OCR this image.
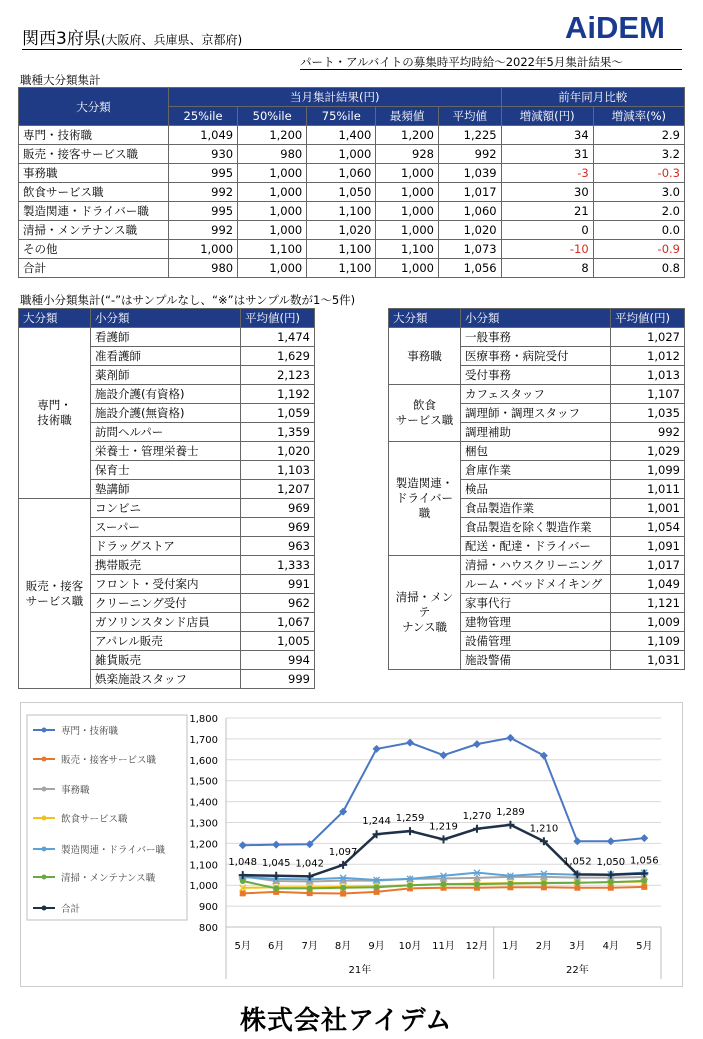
関西3府県(大阪府、兵庫県、京都府)	AiDEM
パート・アルバイトの募集時平均時給～2022年5月集計結果～
職種大分類集計
大分類	当月集計結果(円)					前年同月比較	
	25%ile	50%ile	75%ile	最頻値	平均値	増減額(円)	増減率(%)
専門・技術職	1,049	1,200	1,400	1,200	1,225	34	2.9
販売・接客サービス職	930	980	1,000	928	992	31	3.2
事務職	995	1,000	1,060	1,000	1,039	-3	-0.3
飲食サービス職	992	1,000	1,050	1,000	1,017	30	3.0
製造関連・ドライバー職	995	1,000	1,100	1,000	1,060	21	2.0
清掃・メンテナンス職	992	1,000	1,020	1,000	1,020	0	0.0
その他	1,000	1,100	1,100	1,100	1,073	-10	-0.9
合計	980	1,000	1,100	1,000	1,056	8	0.8
職種小分類集計(“-”はサンプルなし、“※”はサンプル数が1～5件)
大分類	小分類	平均値(円)
専門・
技術職	看護師	1,474
	准看護師	1,629
	薬剤師	2,123
	施設介護(有資格)	1,192
	施設介護(無資格)	1,059
	訪問ヘルパー	1,359
	栄養士・管理栄養士	1,020
	保育士	1,103
	塾講師	1,207
販売・接客
サービス職	コンビニ	969
	スーパー	969
	ドラッグストア	963
	携帯販売	1,333
	フロント・受付案内	991
	クリーニング受付	962
	ガソリンスタンド店員	1,067
	アパレル販売	1,005
	雑貨販売	994
	娯楽施設スタッフ	999
大分類	小分類	平均値(円)
事務職	一般事務	1,027
	医療事務・病院受付	1,012
	受付事務	1,013
飲食
サービス職	カフェスタッフ	1,107
	調理師・調理スタッフ	1,035
	調理補助	992
製造関連・
ドライバー職	梱包	1,029
	倉庫作業	1,099
	検品	1,011
	食品製造作業	1,001
	食品製造を除く製造作業	1,054
	配送・配達・ドライバー	1,091
清掃・メンテ
ナンス職	清掃・ハウスクリーニング	1,017
	ルーム・ベッドメイキング	1,049
	家事代行	1,121
	建物管理	1,009
	設備管理	1,109
	施設警備	1,031
800
900
1,000
1,100
1,200
1,300
1,400
1,500
1,600
1,700
1,800
5月 6月 7月 8月 9月 10月 11月 12月 1月 2月 3月 4月 5月
21年	22年
1,048 1,045 1,042
1,097
1,244 1,259
1,219
1,270 1,289
1,210
1,052 1,050 1,056
専門・技術職
販売・接客サービス職
事務職
飲食サービス職
製造関連・ドライバー職
清掃・メンテナンス職
合計
株式会社アイデム
